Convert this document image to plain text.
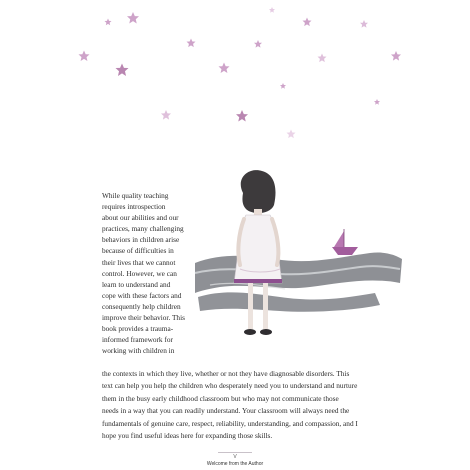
While quality teaching

requires introspection

about our abilities and our

practices, many challenging

behaviors in children arise

because of difficulties in

their lives that we cannot

control. However, we can

learn to understand and

cope with these factors and

consequently help children

improve their behavior. This

book provides a trauma-

informed framework for

working with children in

the contexts in which they live, whether or not they have diagnosable disorders. This

text can help you help the children who desperately need you to understand and nurture

them in the busy early childhood classroom but who may not communicate those

needs in a way that you can readily understand. Your classroom will always need the

fundamentals of genuine care, respect, reliability, understanding, and compassion, and I

hope you find useful ideas here for expanding those skills.

V
Welcome from the Author
